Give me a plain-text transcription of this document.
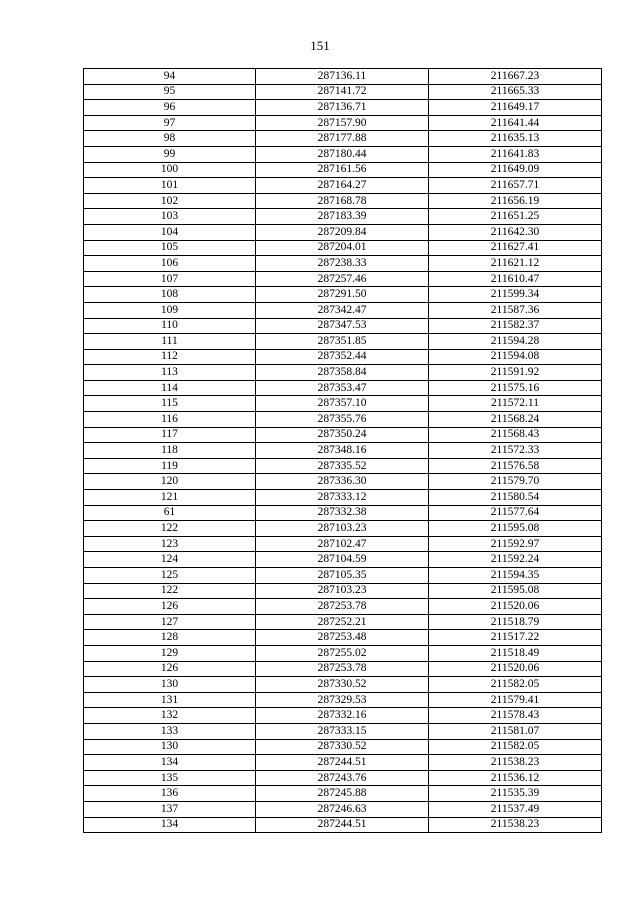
151
94	287136.11	211667.23
95	287141.72	211665.33
96	287136.71	211649.17
97	287157.90	211641.44
98	287177.88	211635.13
99	287180.44	211641.83
100	287161.56	211649.09
101	287164.27	211657.71
102	287168.78	211656.19
103	287183.39	211651.25
104	287209.84	211642.30
105	287204.01	211627.41
106	287238.33	211621.12
107	287257.46	211610.47
108	287291.50	211599.34
109	287342.47	211587.36
110	287347.53	211582.37
111	287351.85	211594.28
112	287352.44	211594.08
113	287358.84	211591.92
114	287353.47	211575.16
115	287357.10	211572.11
116	287355.76	211568.24
117	287350.24	211568.43
118	287348.16	211572.33
119	287335.52	211576.58
120	287336.30	211579.70
121	287333.12	211580.54
61	287332.38	211577.64
122	287103.23	211595.08
123	287102.47	211592.97
124	287104.59	211592.24
125	287105.35	211594.35
122	287103.23	211595.08
126	287253.78	211520.06
127	287252.21	211518.79
128	287253.48	211517.22
129	287255.02	211518.49
126	287253.78	211520.06
130	287330.52	211582.05
131	287329.53	211579.41
132	287332.16	211578.43
133	287333.15	211581.07
130	287330.52	211582.05
134	287244.51	211538.23
135	287243.76	211536.12
136	287245.88	211535.39
137	287246.63	211537.49
134	287244.51	211538.23
